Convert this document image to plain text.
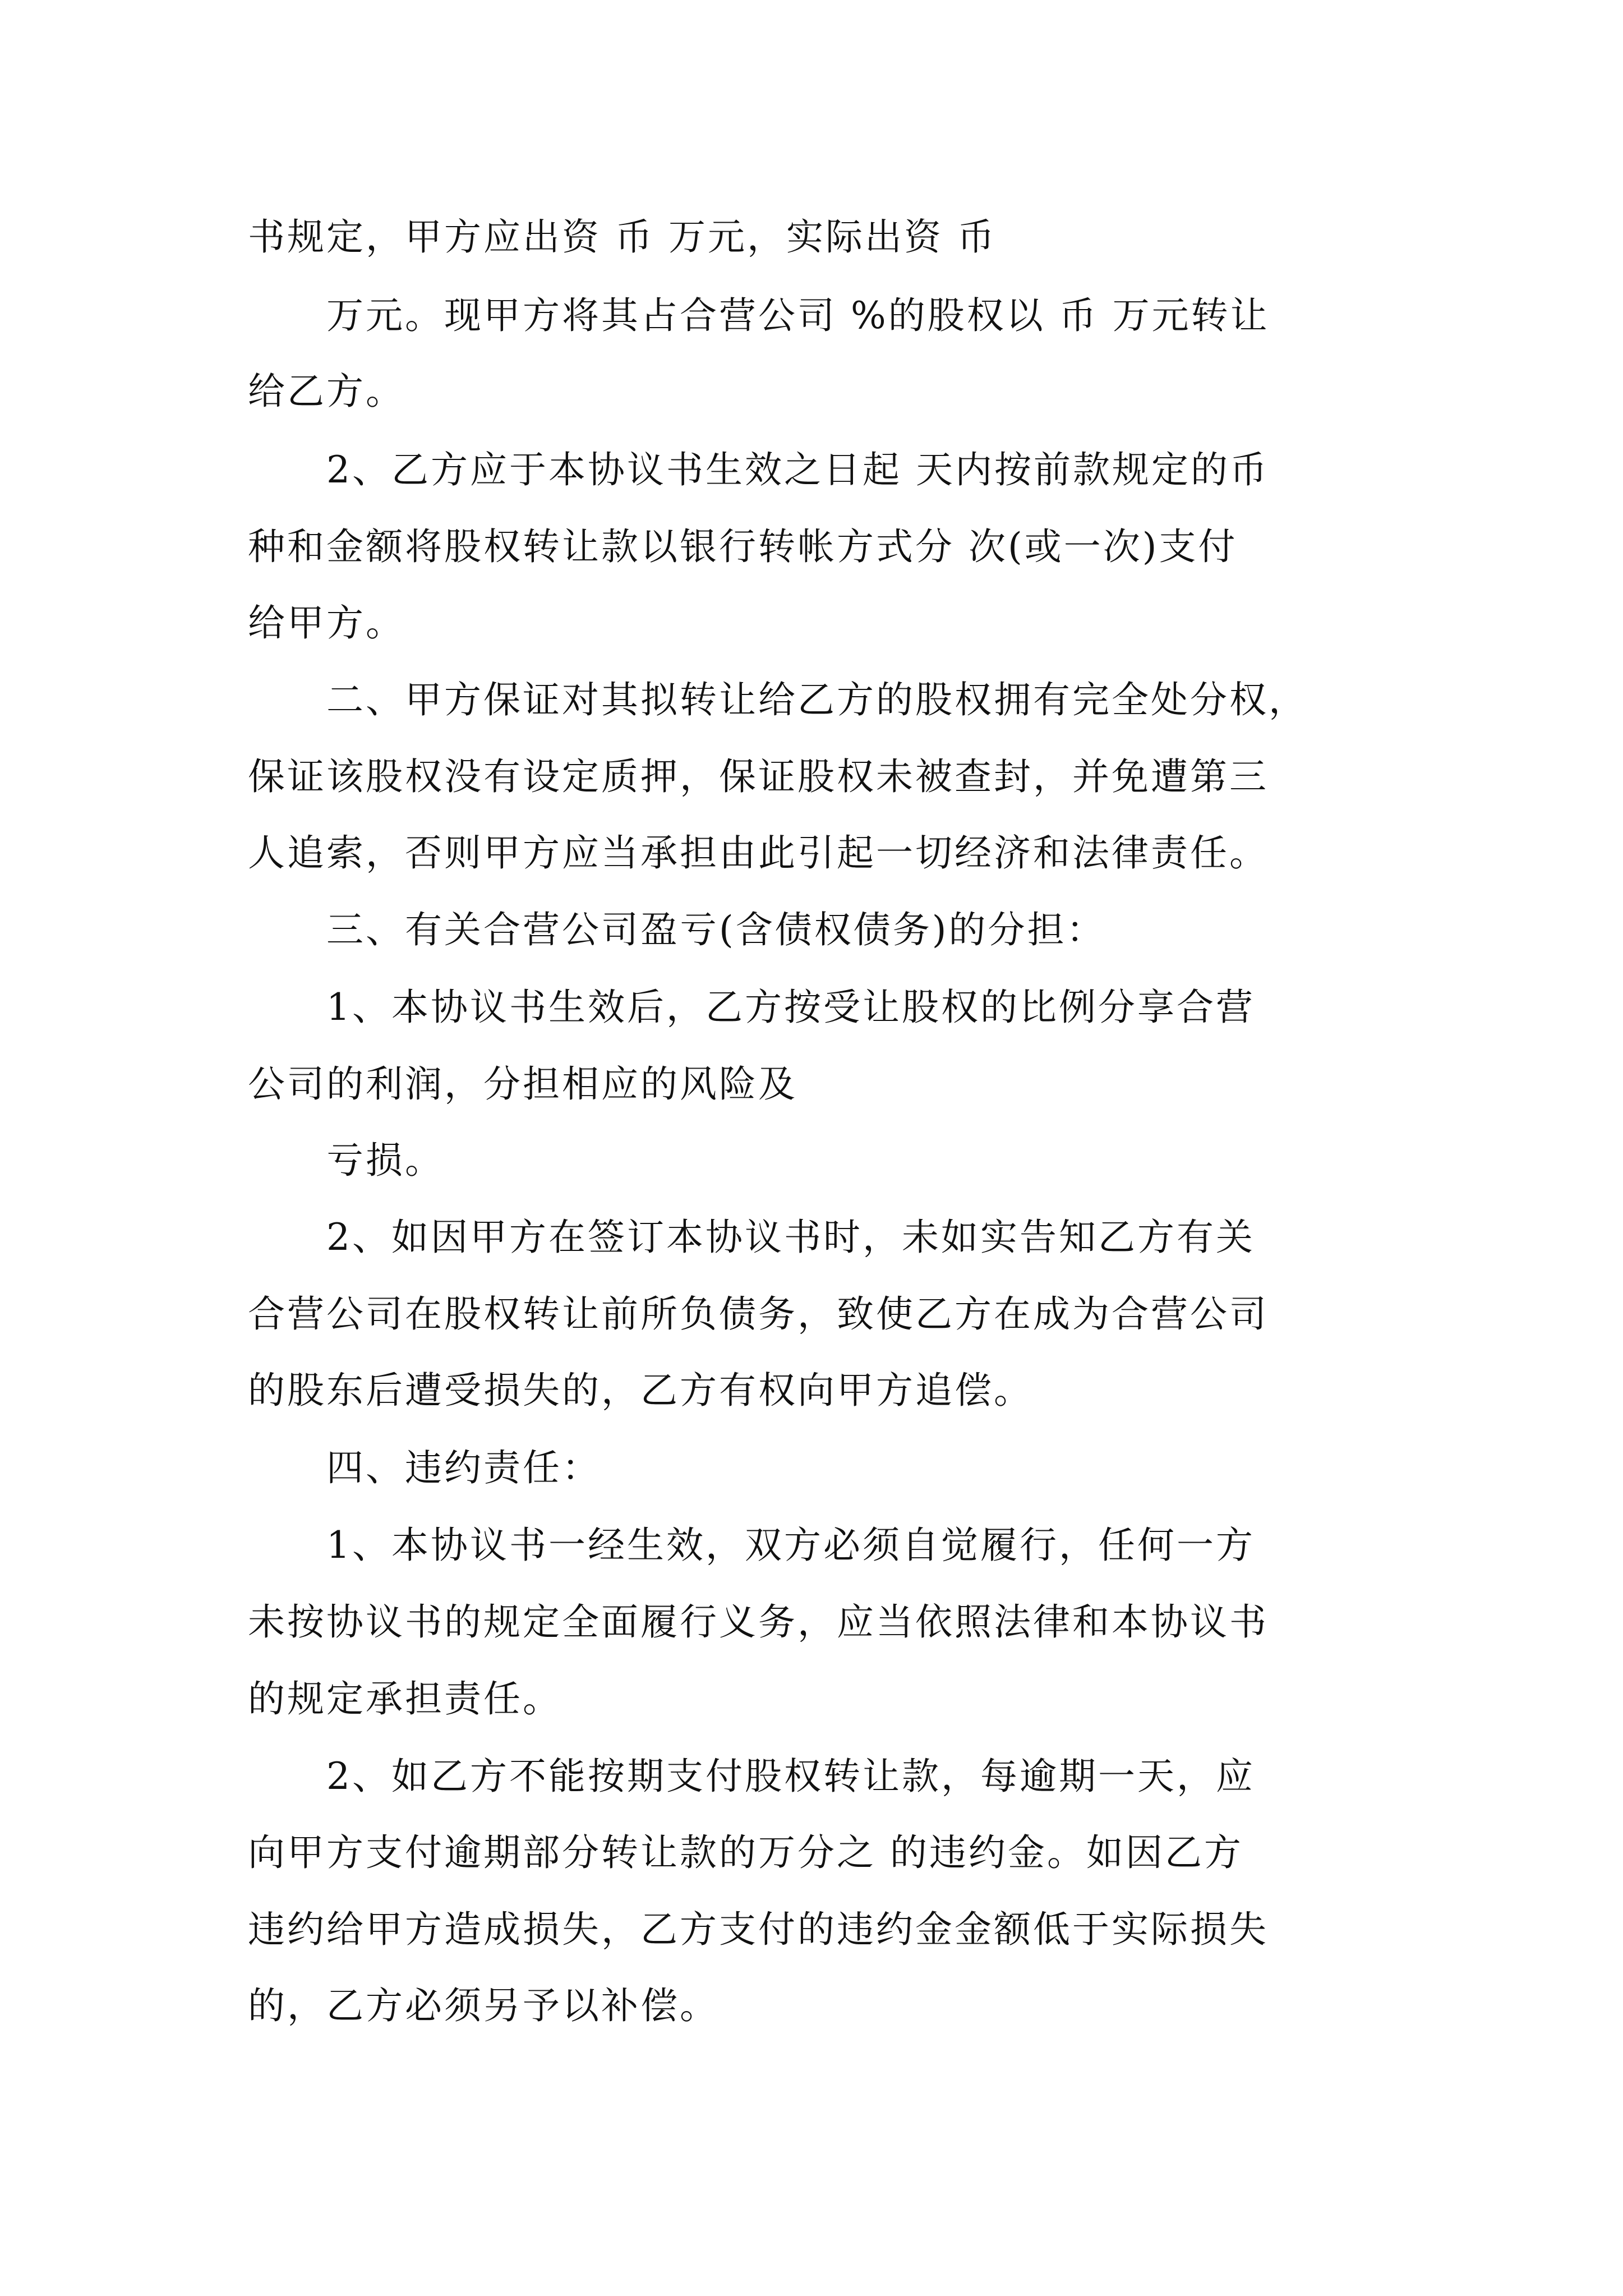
书规定，甲方应出资 币 万元，实际出资 币
　　万元。现甲方将其占合营公司 %的股权以 币 万元转让
给乙方。
　　2、乙方应于本协议书生效之日起 天内按前款规定的币
种和金额将股权转让款以银行转帐方式分 次(或一次)支付
给甲方。
　　二、甲方保证对其拟转让给乙方的股权拥有完全处分权，
保证该股权没有设定质押，保证股权未被查封，并免遭第三
人追索，否则甲方应当承担由此引起一切经济和法律责任。
　　三、有关合营公司盈亏(含债权债务)的分担：
　　1、本协议书生效后，乙方按受让股权的比例分享合营
公司的利润，分担相应的风险及
　　亏损。
　　2、如因甲方在签订本协议书时，未如实告知乙方有关
合营公司在股权转让前所负债务，致使乙方在成为合营公司
的股东后遭受损失的，乙方有权向甲方追偿。
　　四、违约责任：
　　1、本协议书一经生效，双方必须自觉履行，任何一方
未按协议书的规定全面履行义务，应当依照法律和本协议书
的规定承担责任。
　　2、如乙方不能按期支付股权转让款，每逾期一天，应
向甲方支付逾期部分转让款的万分之 的违约金。如因乙方
违约给甲方造成损失，乙方支付的违约金金额低于实际损失
的，乙方必须另予以补偿。
